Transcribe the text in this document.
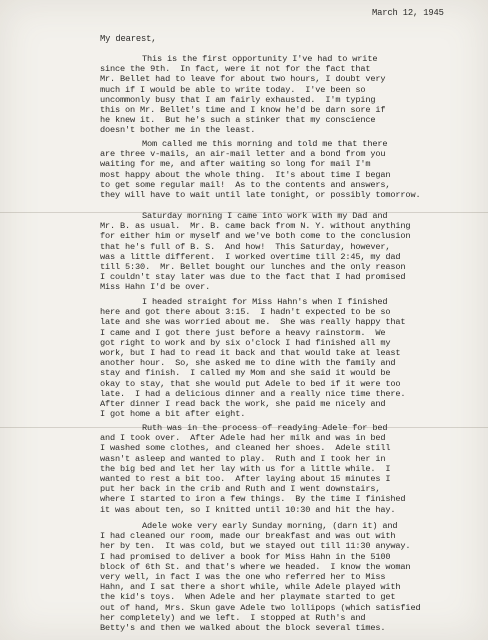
March 12, 1945
My dearest,
This is the first opportunity I've had to write
since the 9th.  In fact, were it not for the fact that
Mr. Bellet had to leave for about two hours, I doubt very
much if I would be able to write today.  I've been so
uncommonly busy that I am fairly exhausted.  I'm typing
this on Mr. Bellet's time and I know he'd be darn sore if
he knew it.  But he's such a stinker that my conscience
doesn't bother me in the least.
Mom called me this morning and told me that there
are three v-mails, an air-mail letter and a bond from you
waiting for me, and after waiting so long for mail I'm
most happy about the whole thing.  It's about time I began
to get some regular mail!  As to the contents and answers,
they will have to wait until late tonight, or possibly tomorrow.
Saturday morning I came into work with my Dad and
Mr. B. as usual.  Mr. B. came back from N. Y. without anything
for either him or myself and we've both come to the conclusion
that he's full of B. S.  And how!  This Saturday, however,
was a little different.  I worked overtime till 2:45, my dad
till 5:30.  Mr. Bellet bought our lunches and the only reason
I couldn't stay later was due to the fact that I had promised
Miss Hahn I'd be over.
I headed straight for Miss Hahn's when I finished
here and got there about 3:15.  I hadn't expected to be so
late and she was worried about me.  She was really happy that
I came and I got there just before a heavy rainstorm.  We
got right to work and by six o'clock I had finished all my
work, but I had to read it back and that would take at least
another hour.  So, she asked me to dine with the family and
stay and finish.  I called my Mom and she said it would be
okay to stay, that she would put Adele to bed if it were too
late.  I had a delicious dinner and a really nice time there.
After dinner I read back the work, she paid me nicely and
I got home a bit after eight.
Ruth was in the process of readying Adele for bed
and I took over.  After Adele had her milk and was in bed
I washed some clothes, and cleaned her shoes.  Adele still
wasn't asleep and wanted to play.  Ruth and I took her in
the big bed and let her lay with us for a little while.  I
wanted to rest a bit too.  After laying about 15 minutes I
put her back in the crib and Ruth and I went downstairs,
where I started to iron a few things.  By the time I finished
it was about ten, so I knitted until 10:30 and hit the hay.
Adele woke very early Sunday morning, (darn it) and
I had cleaned our room, made our breakfast and was out with
her by ten.  It was cold, but we stayed out till 11:30 anyway.
I had promised to deliver a book for Miss Hahn in the 5100
block of 6th St. and that's where we headed.  I know the woman
very well, in fact I was the one who referred her to Miss
Hahn, and I sat there a short while, while Adele played with
the kid's toys.  When Adele and her playmate started to get
out of hand, Mrs. Skun gave Adele two lollipops (which satisfied
her completely) and we left.  I stopped at Ruth's and
Betty's and then we walked about the block several times.
